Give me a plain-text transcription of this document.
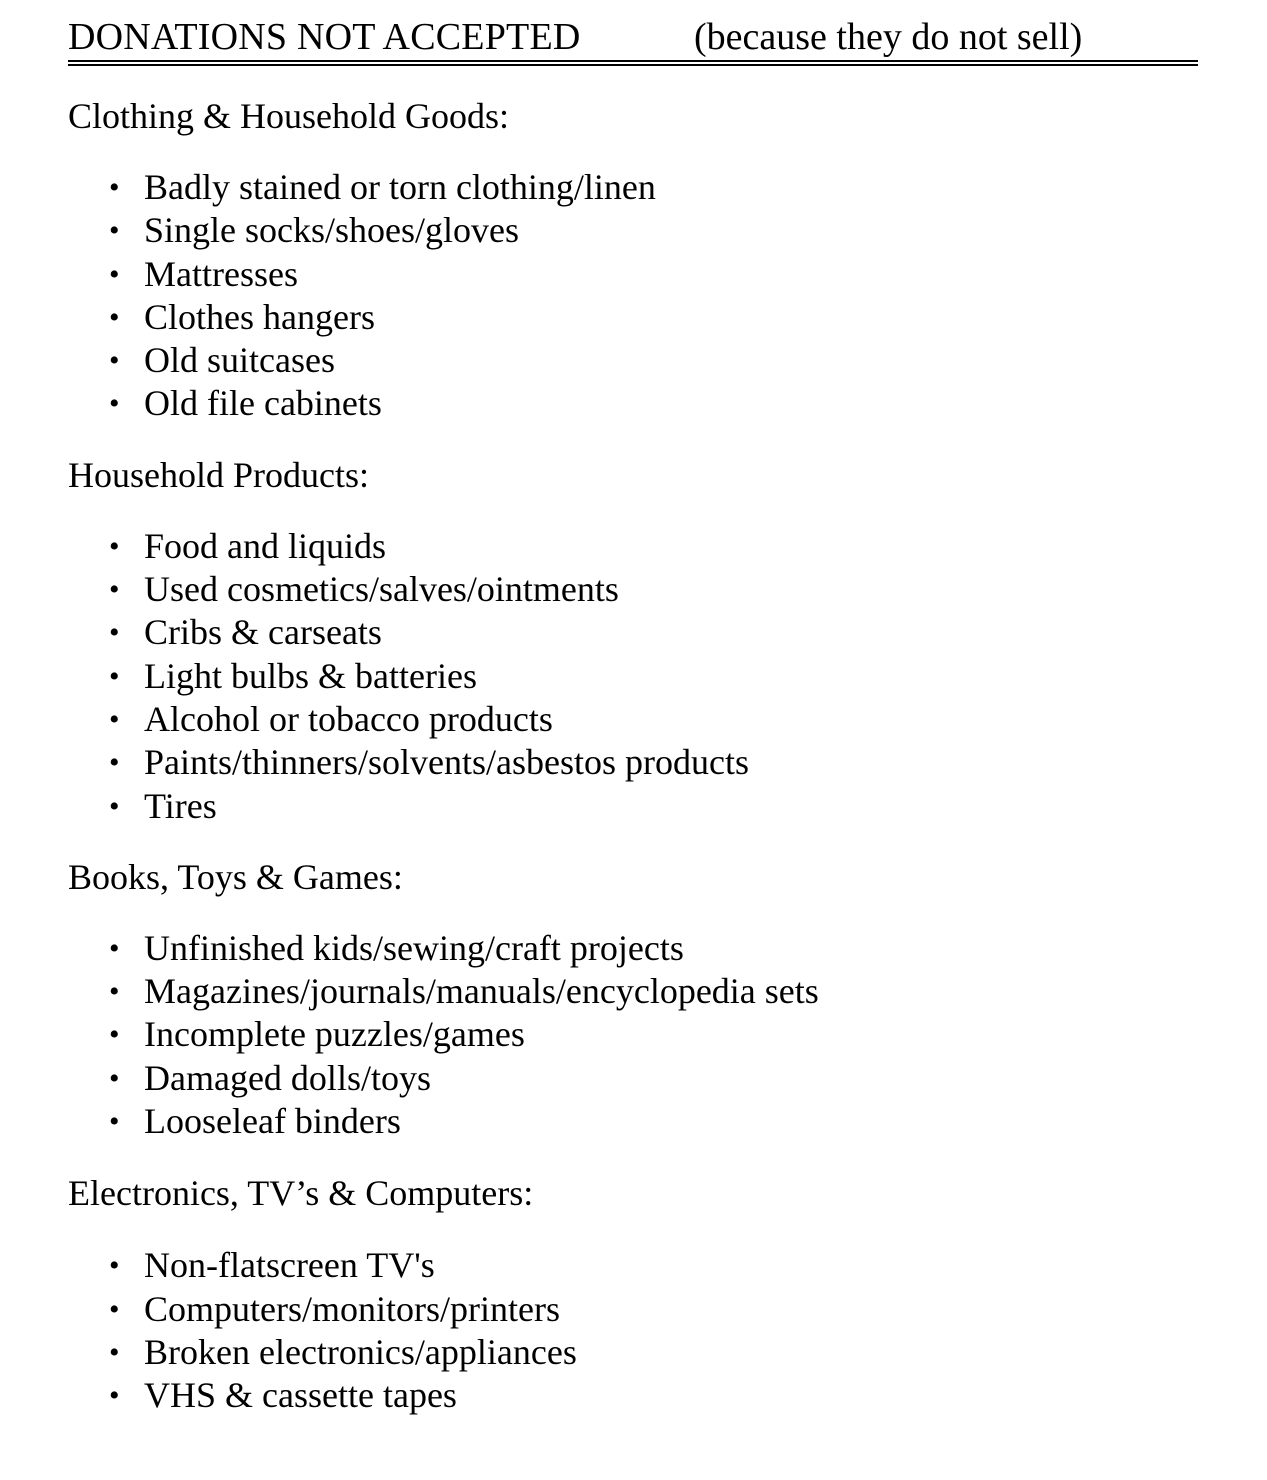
DONATIONS NOT ACCEPTED	(because they do not sell)

Clothing & Household Goods:

• Badly stained or torn clothing/linen
• Single socks/shoes/gloves
• Mattresses
• Clothes hangers
• Old suitcases
• Old file cabinets

Household Products:

• Food and liquids
• Used cosmetics/salves/ointments
• Cribs & carseats
• Light bulbs & batteries
• Alcohol or tobacco products
• Paints/thinners/solvents/asbestos products
• Tires

Books, Toys & Games:

• Unfinished kids/sewing/craft projects
• Magazines/journals/manuals/encyclopedia sets
• Incomplete puzzles/games
• Damaged dolls/toys
• Looseleaf binders

Electronics, TV’s & Computers:

• Non-flatscreen TV's
• Computers/monitors/printers
• Broken electronics/appliances
• VHS & cassette tapes
